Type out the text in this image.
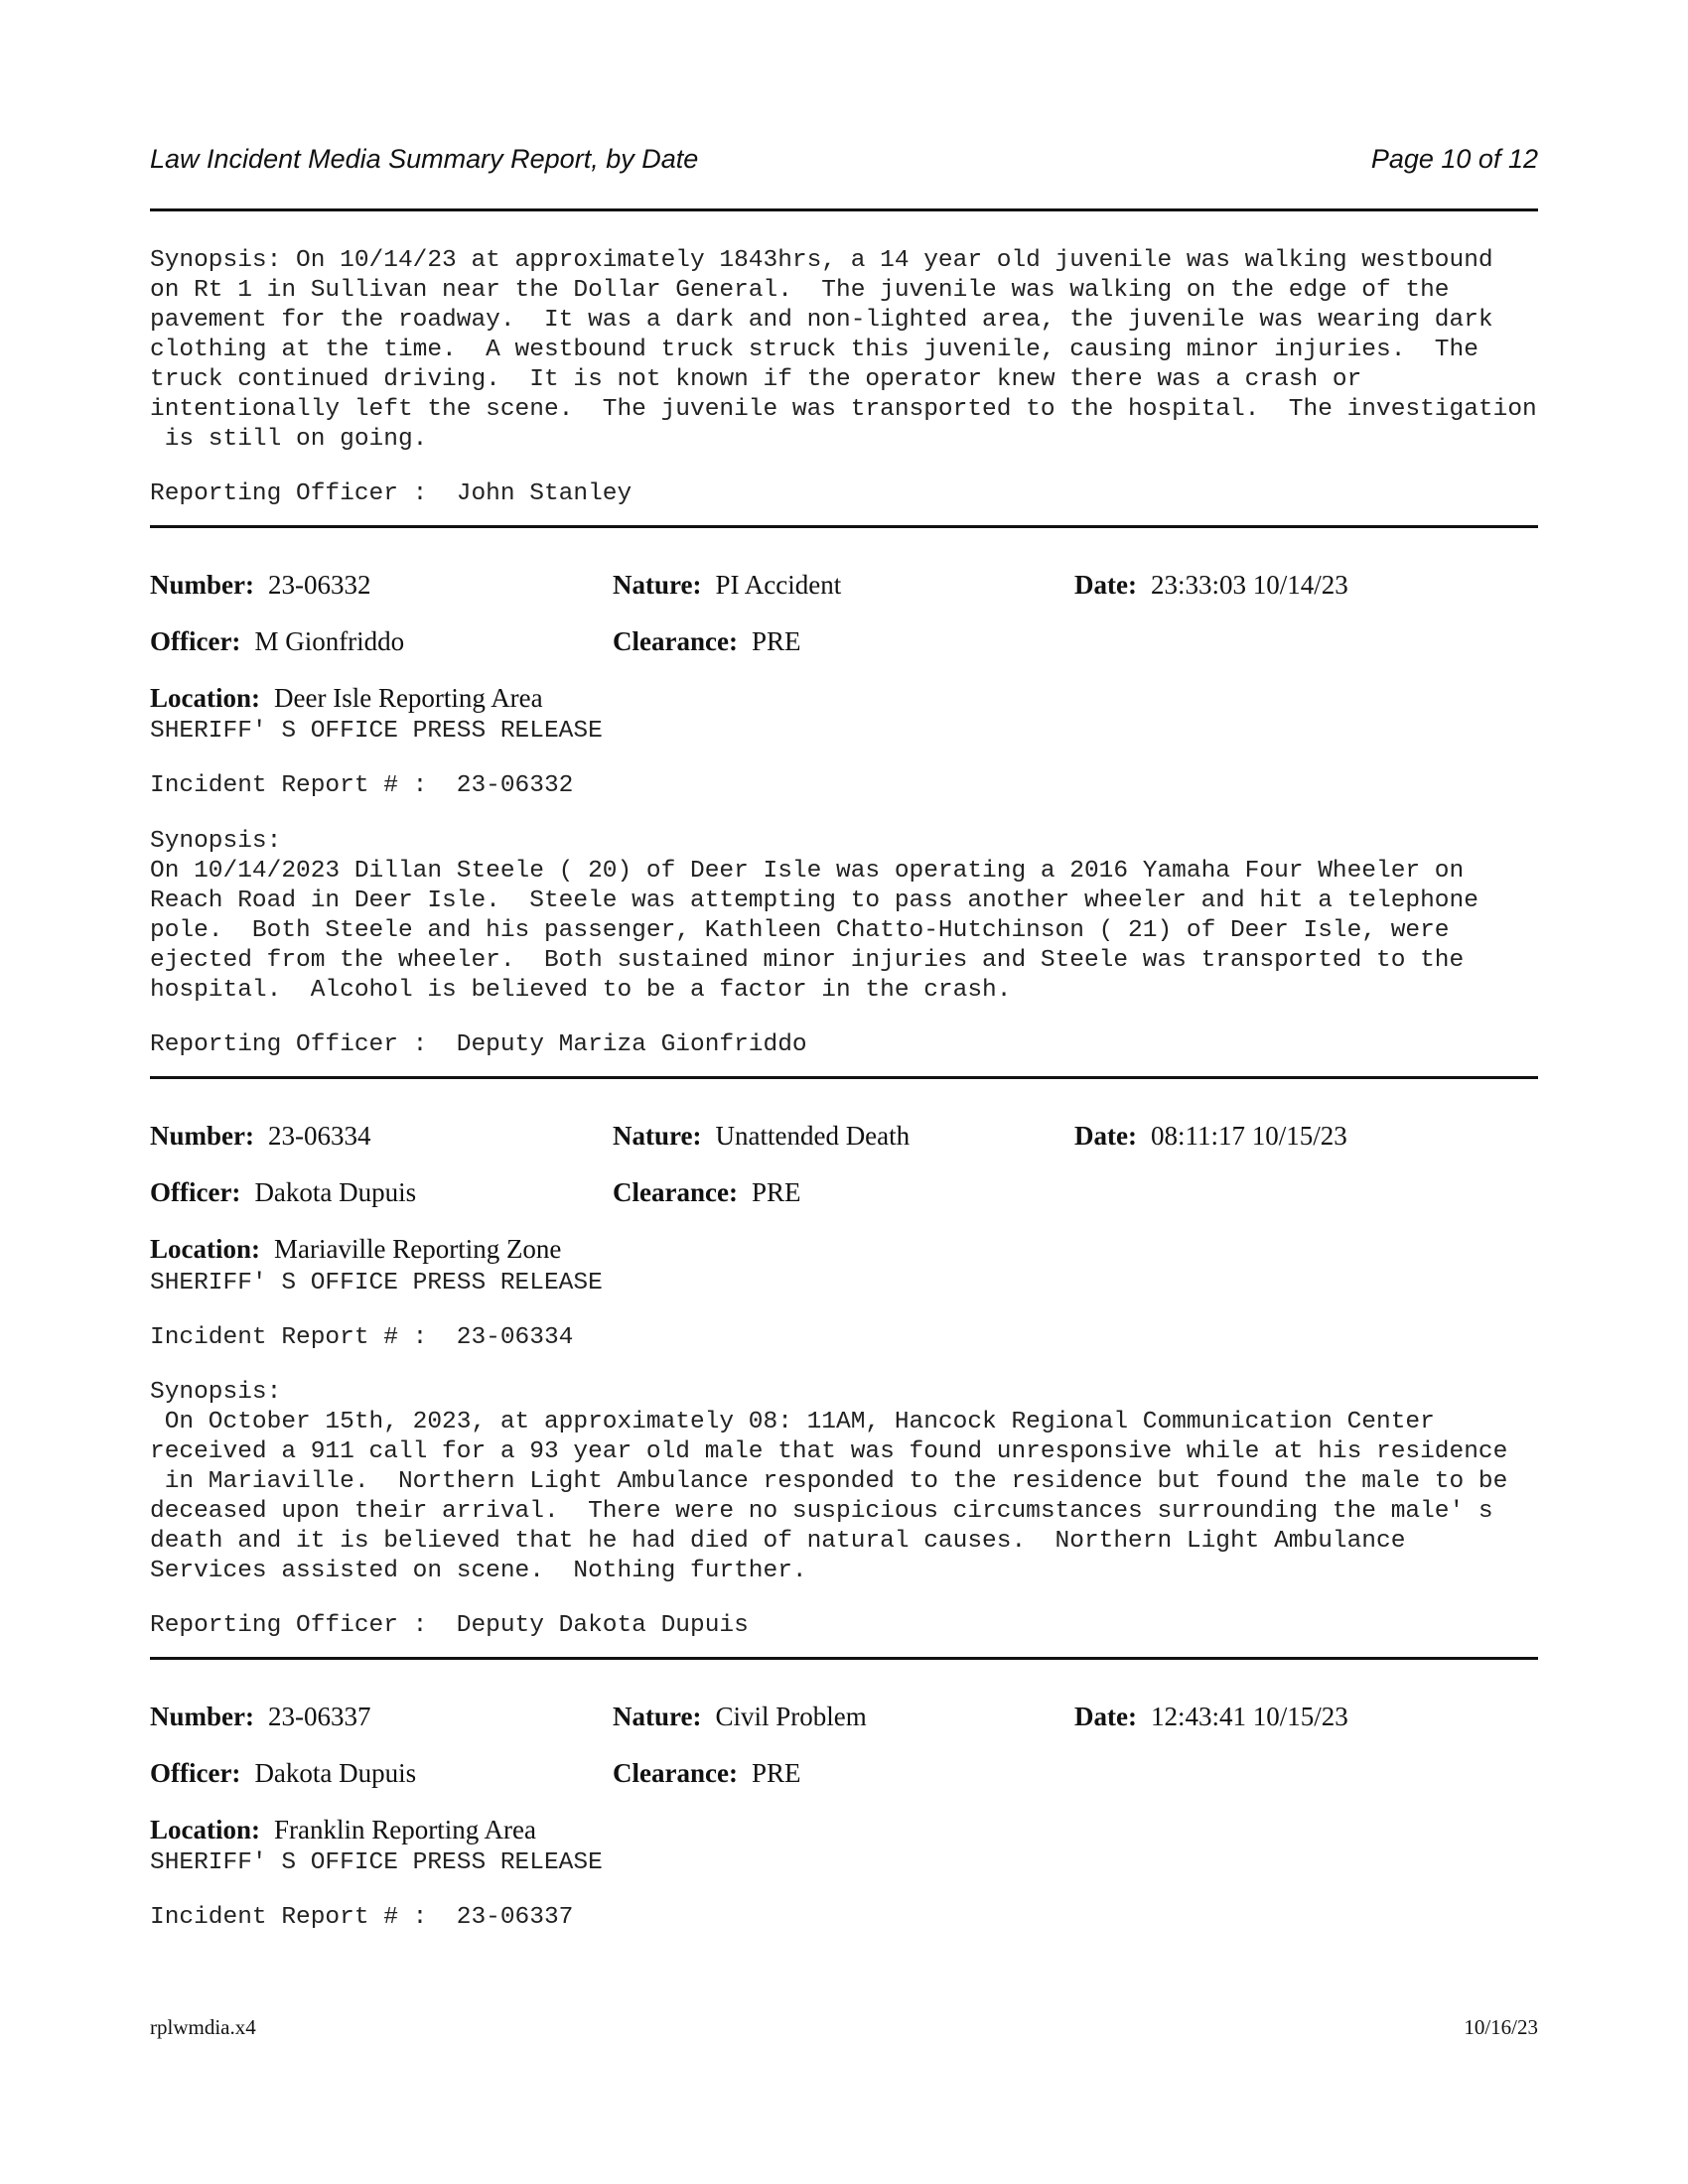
Law Incident Media Summary Report, by Date	Page 10 of 12
Synopsis: On 10/14/23 at approximately 1843hrs, a 14 year old juvenile was walking westbound
on Rt 1 in Sullivan near the Dollar General.  The juvenile was walking on the edge of the
pavement for the roadway.  It was a dark and non-lighted area, the juvenile was wearing dark
clothing at the time.  A westbound truck struck this juvenile, causing minor injuries.  The
truck continued driving.  It is not known if the operator knew there was a crash or
intentionally left the scene.  The juvenile was transported to the hospital.  The investigation
is still on going.
Reporting Officer :  John Stanley
Number: 23-06332	Nature: PI Accident	Date: 23:33:03 10/14/23
Officer: M Gionfriddo	Clearance: PRE
Location: Deer Isle Reporting Area
SHERIFF' S OFFICE PRESS RELEASE
Incident Report # :  23-06332
Synopsis:
On 10/14/2023 Dillan Steele ( 20) of Deer Isle was operating a 2016 Yamaha Four Wheeler on
Reach Road in Deer Isle.  Steele was attempting to pass another wheeler and hit a telephone
pole.  Both Steele and his passenger, Kathleen Chatto-Hutchinson ( 21) of Deer Isle, were
ejected from the wheeler.  Both sustained minor injuries and Steele was transported to the
hospital.  Alcohol is believed to be a factor in the crash.
Reporting Officer :  Deputy Mariza Gionfriddo
Number: 23-06334	Nature: Unattended Death	Date: 08:11:17 10/15/23
Officer: Dakota Dupuis	Clearance: PRE
Location: Mariaville Reporting Zone
SHERIFF' S OFFICE PRESS RELEASE
Incident Report # :  23-06334
Synopsis:
On October 15th, 2023, at approximately 08: 11AM, Hancock Regional Communication Center
received a 911 call for a 93 year old male that was found unresponsive while at his residence
in Mariaville.  Northern Light Ambulance responded to the residence but found the male to be
deceased upon their arrival.  There were no suspicious circumstances surrounding the male' s
death and it is believed that he had died of natural causes.  Northern Light Ambulance
Services assisted on scene.  Nothing further.
Reporting Officer :  Deputy Dakota Dupuis
Number: 23-06337	Nature: Civil Problem	Date: 12:43:41 10/15/23
Officer: Dakota Dupuis	Clearance: PRE
Location: Franklin Reporting Area
SHERIFF' S OFFICE PRESS RELEASE
Incident Report # :  23-06337
rplwmdia.x4	10/16/23
